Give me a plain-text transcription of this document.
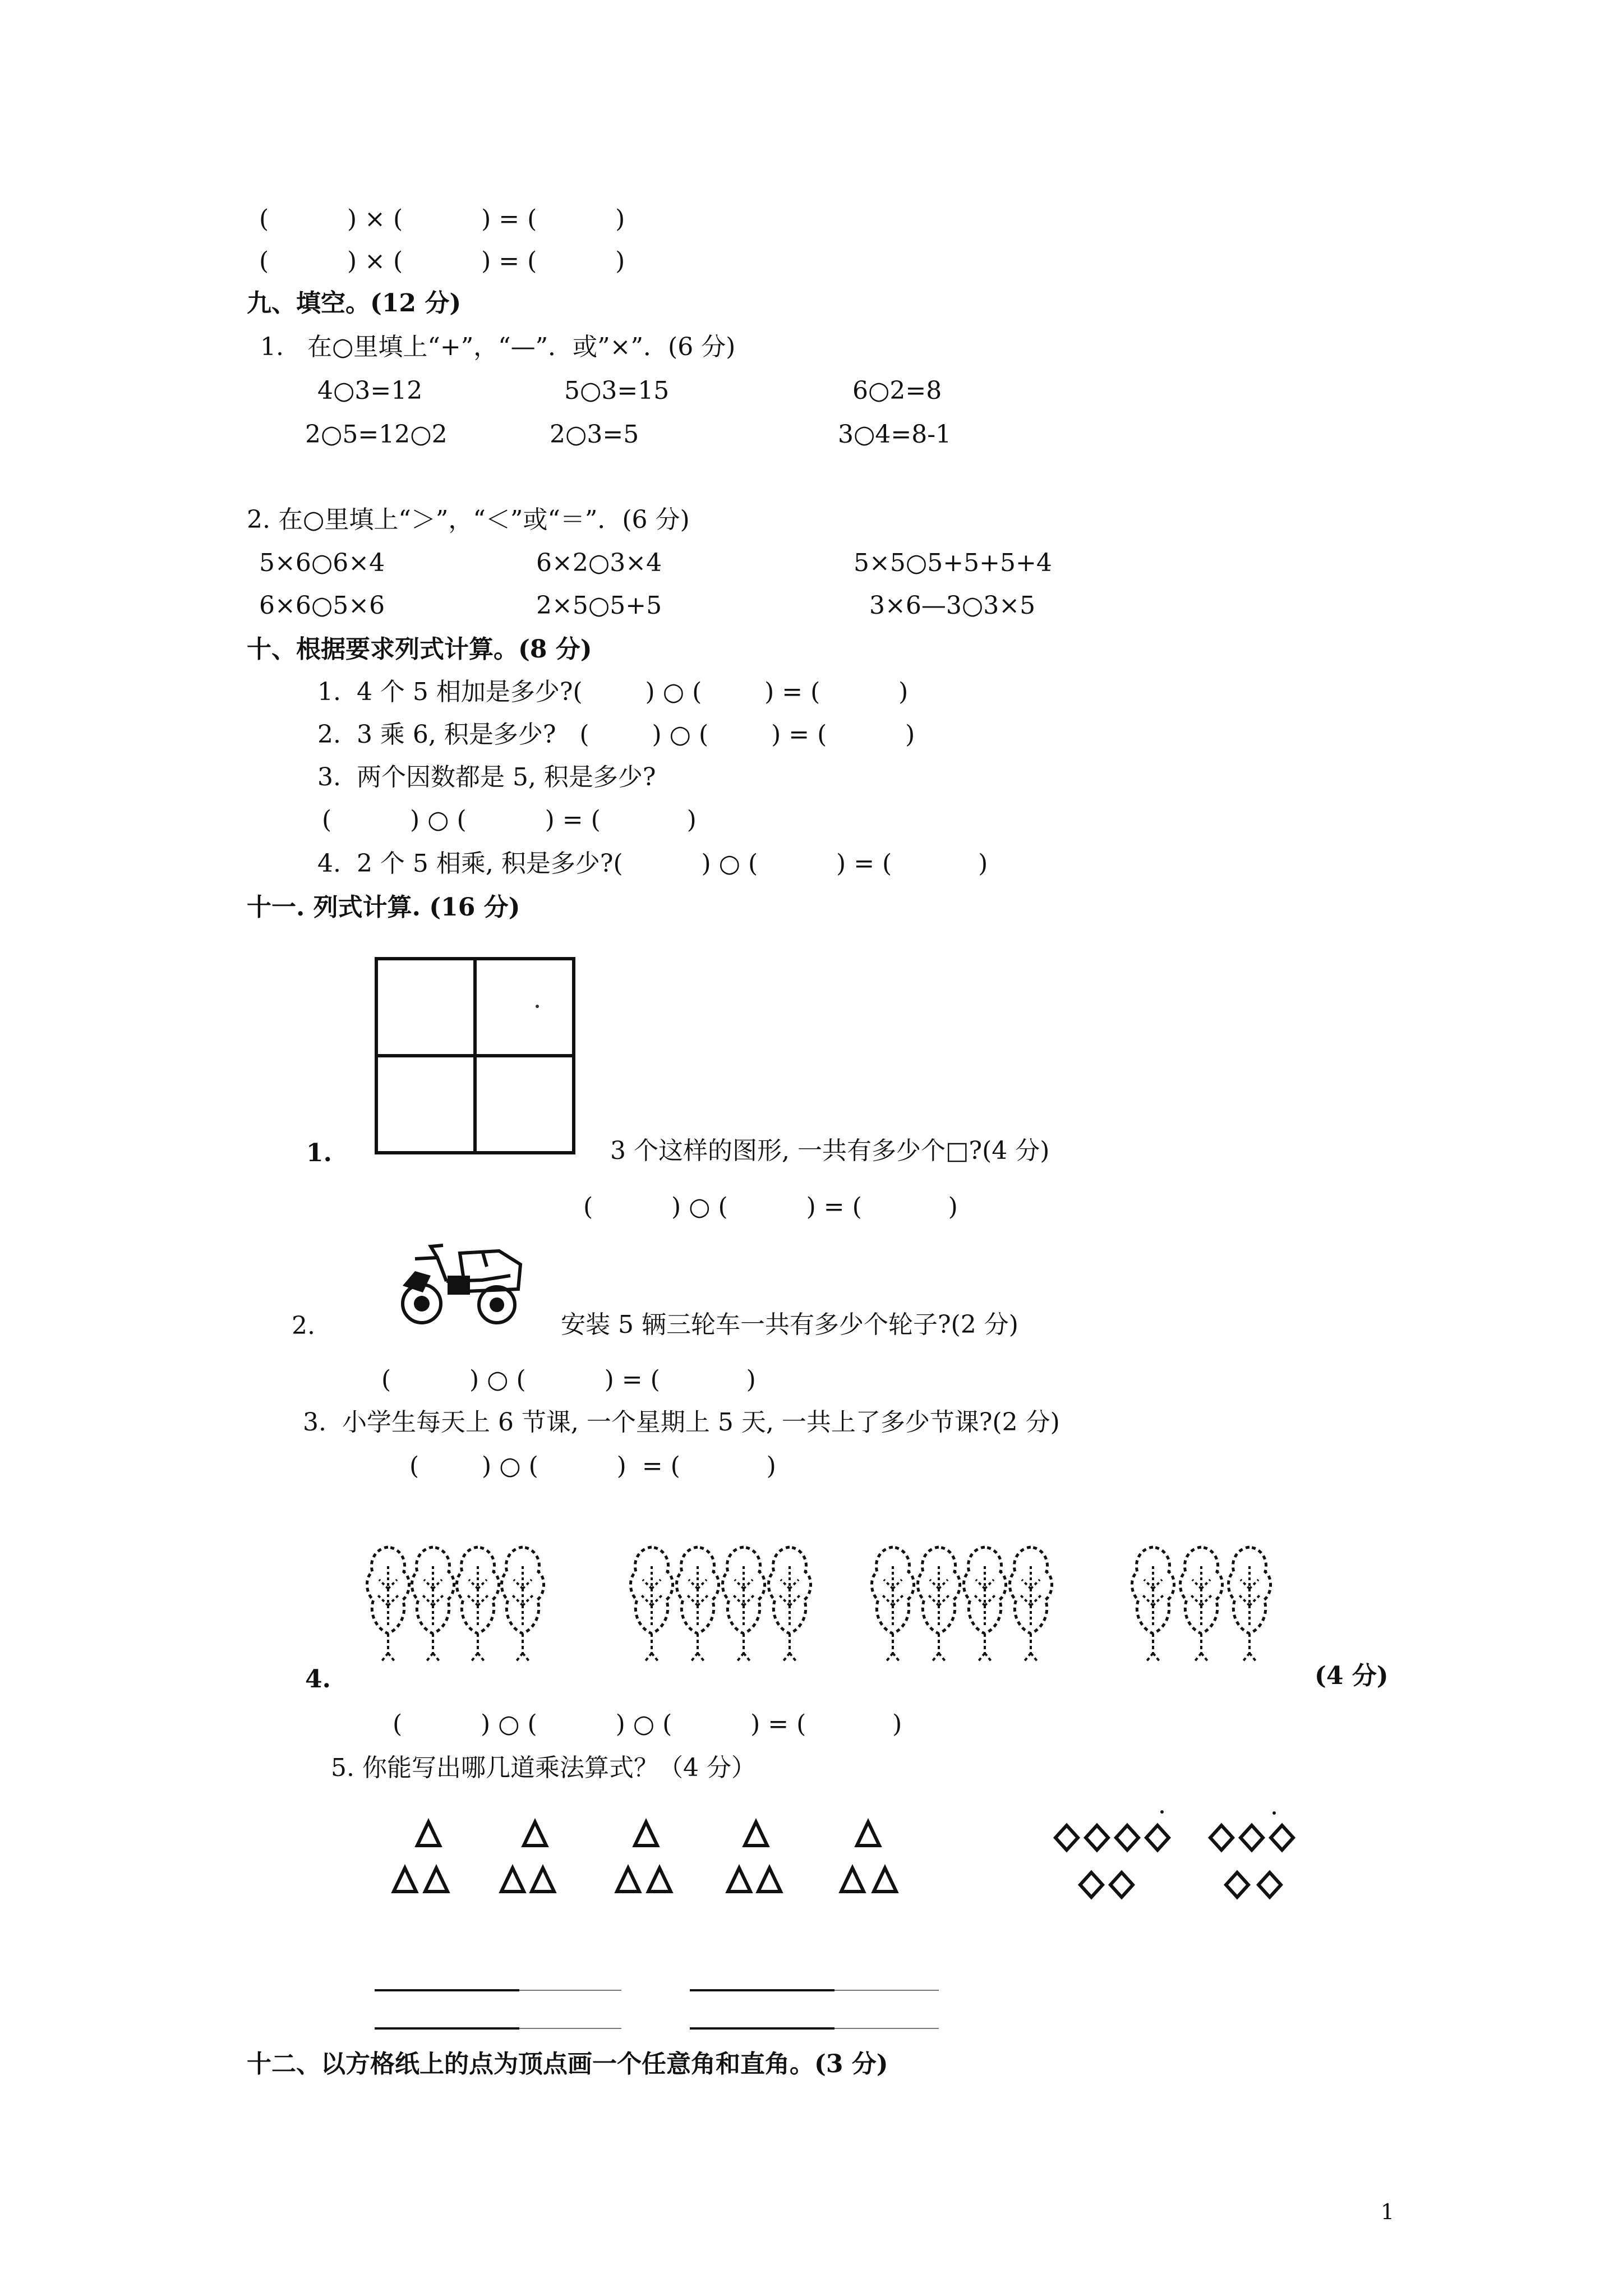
(          ) × (          ) = (          )
(          ) × (          ) = (          )
九、填空。(12 分)
1.   在○里填上“+”，“—”．或”×”．(6 分)
4○3=12	5○3=15	6○2=8
2○5=12○2	2○3=5	3○4=8-1
2. 在○里填上“＞”，“＜”或“＝”．(6 分)
5×6○6×4	6×2○3×4	5×5○5+5+5+4
6×6○5×6	2×5○5+5	3×6—3○3×5
十、根据要求列式计算。(8 分)
1.  4 个 5 相加是多少?(        ) ○ (        ) = (          )
2.  3 乘 6, 积是多少?   (        ) ○ (        ) = (          )
3.  两个因数都是 5, 积是多少?
(          ) ○ (          ) = (           )
4.  2 个 5 相乘, 积是多少?(          ) ○ (          ) = (           )
十一. 列式计算. (16 分)
1.	3 个这样的图形, 一共有多少个□?(4 分)
(          ) ○ (          ) = (           )
2.	安装 5 辆三轮车一共有多少个轮子?(2 分)
(          ) ○ (          ) = (           )
3.  小学生每天上 6 节课, 一个星期上 5 天, 一共上了多少节课?(2 分)
(        ) ○ (          )  = (           )
4.	(4 分)
(          ) ○ (          ) ○ (          ) = (           )
5. 你能写出哪几道乘法算式？（4 分）
十二、以方格纸上的点为顶点画一个任意角和直角。(3 分)
1
